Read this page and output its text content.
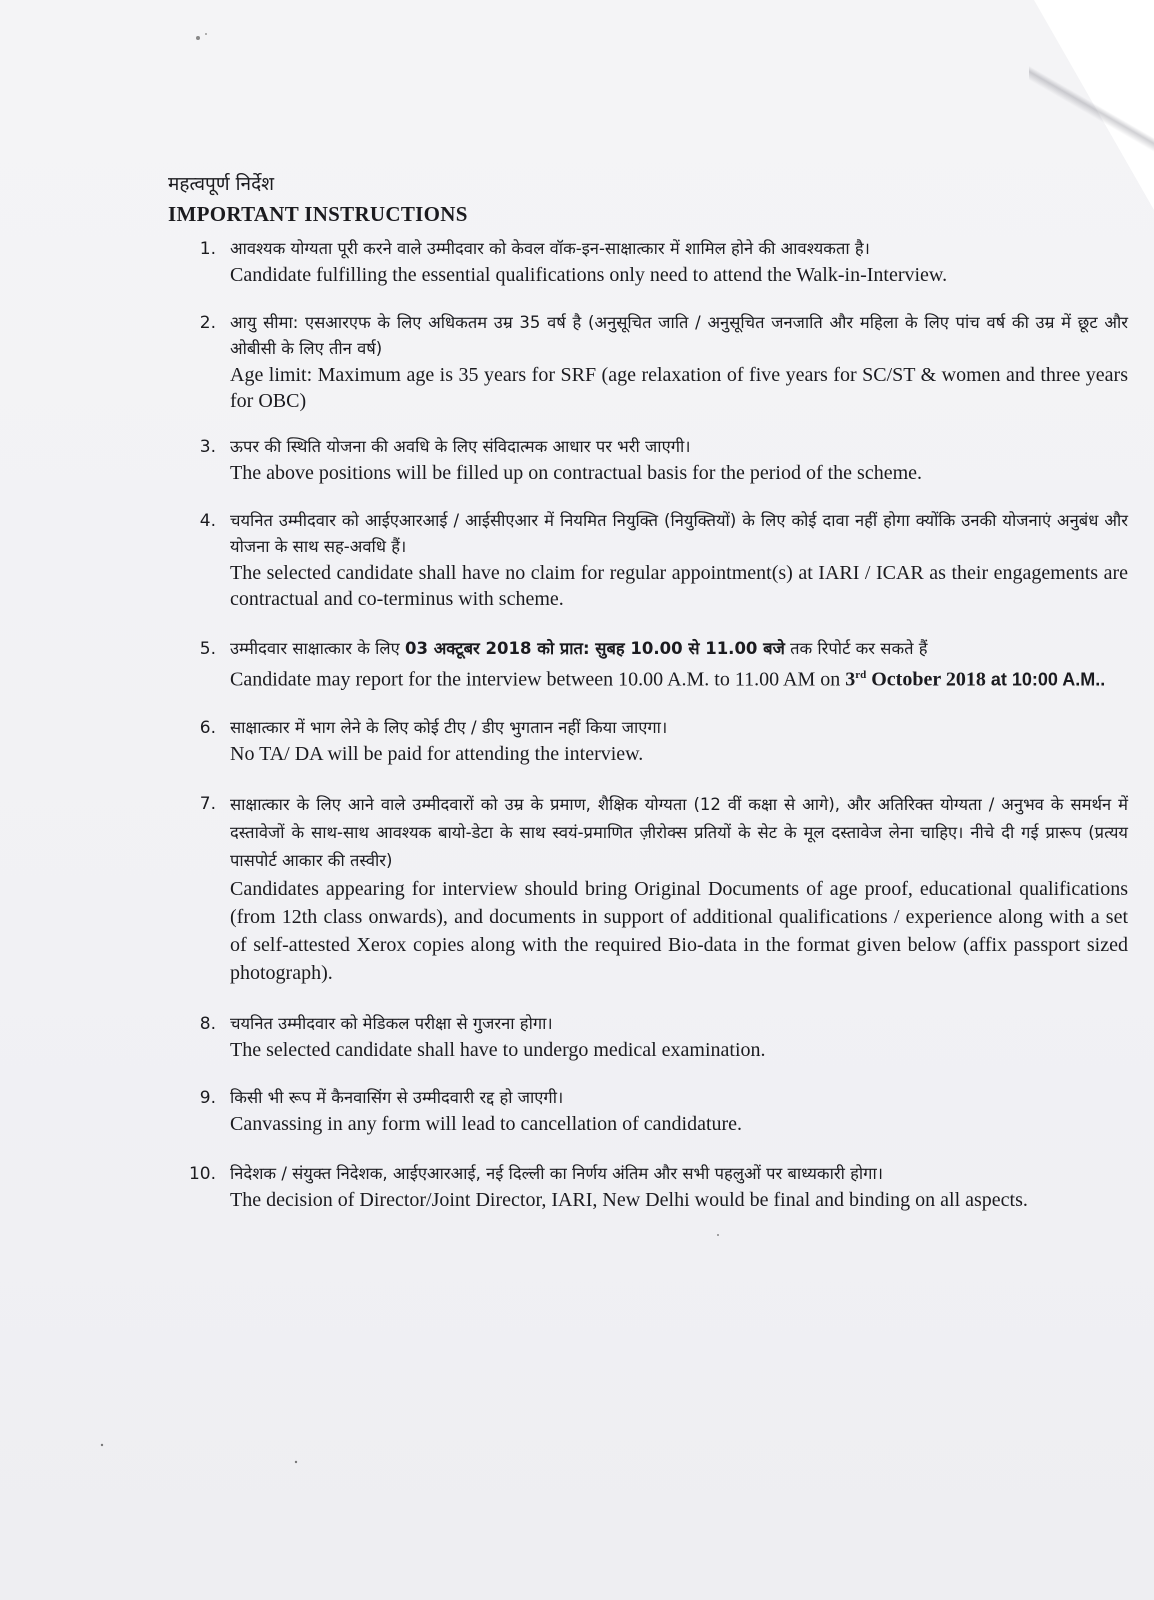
महत्वपूर्ण निर्देश
IMPORTANT INSTRUCTIONS
1. आवश्यक योग्यता पूरी करने वाले उम्मीदवार को केवल वॉक-इन-साक्षात्कार में शामिल होने की आवश्यकता है।
Candidate fulfilling the essential qualifications only need to attend the Walk-in-Interview.
2. आयु सीमा: एसआरएफ के लिए अधिकतम उम्र 35 वर्ष है (अनुसूचित जाति / अनुसूचित जनजाति और महिला के लिए पांच वर्ष की उम्र में छूट और ओबीसी के लिए तीन वर्ष)
Age limit: Maximum age is 35 years for SRF (age relaxation of five years for SC/ST & women and three years for OBC)
3. ऊपर की स्थिति योजना की अवधि के लिए संविदात्मक आधार पर भरी जाएगी।
The above positions will be filled up on contractual basis for the period of the scheme.
4. चयनित उम्मीदवार को आईएआरआई / आईसीएआर में नियमित नियुक्ति (नियुक्तियों) के लिए कोई दावा नहीं होगा क्योंकि उनकी योजनाएं अनुबंध और योजना के साथ सह-अवधि हैं।
The selected candidate shall have no claim for regular appointment(s) at IARI / ICAR as their engagements are contractual and co-terminus with scheme.
5. उम्मीदवार साक्षात्कार के लिए 03 अक्टूबर 2018 को प्रात: सुबह 10.00 से 11.00 बजे तक रिपोर्ट कर सकते हैं
Candidate may report for the interview between 10.00 A.M. to 11.00 AM on 3rd October 2018 at 10:00 A.M..
6. साक्षात्कार में भाग लेने के लिए कोई टीए / डीए भुगतान नहीं किया जाएगा।
No TA/ DA will be paid for attending the interview.
7. साक्षात्कार के लिए आने वाले उम्मीदवारों को उम्र के प्रमाण, शैक्षिक योग्यता (12 वीं कक्षा से आगे), और अतिरिक्त योग्यता / अनुभव के समर्थन में दस्तावेजों के साथ-साथ आवश्यक बायो-डेटा के साथ स्वयं-प्रमाणित ज़ीरोक्स प्रतियों के सेट के मूल दस्तावेज लेना चाहिए। नीचे दी गई प्रारूप (प्रत्यय पासपोर्ट आकार की तस्वीर)
Candidates appearing for interview should bring Original Documents of age proof, educational qualifications (from 12th class onwards), and documents in support of additional qualifications / experience along with a set of self-attested Xerox copies along with the required Bio-data in the format given below (affix passport sized photograph).
8. चयनित उम्मीदवार को मेडिकल परीक्षा से गुजरना होगा।
The selected candidate shall have to undergo medical examination.
9. किसी भी रूप में कैनवासिंग से उम्मीदवारी रद्द हो जाएगी।
Canvassing in any form will lead to cancellation of candidature.
10. निदेशक / संयुक्त निदेशक, आईएआरआई, नई दिल्ली का निर्णय अंतिम और सभी पहलुओं पर बाध्यकारी होगा।
The decision of Director/Joint Director, IARI, New Delhi would be final and binding on all aspects.
